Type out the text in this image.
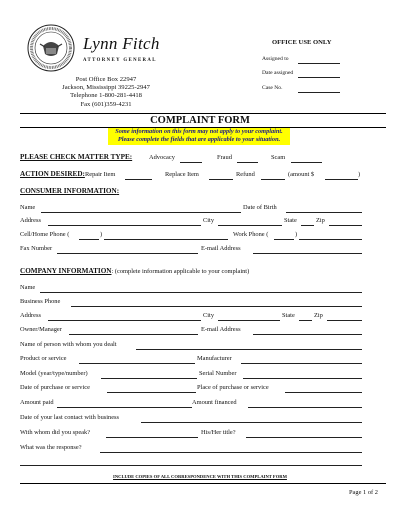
Lynn Fitch
ATTORNEY GENERAL
Post Office Box 22947
Jackson, Mississippi 39225-2947
Telephone 1-800-281-4418
Fax (601)359-4231
OFFICE USE ONLY
Assigned to
Date assigned
Case No.
COMPLAINT FORM
Some information on this form may not apply to your complaint.
Please complete the fields that are applicable to your situation.
PLEASE CHECK MATTER TYPE:	Advocacy	Fraud	Scam
ACTION DESIRED: Repair Item	Replace Item	Refund	(amount $	)
CONSUMER INFORMATION:
Name	Date of Birth
Address	City	State	Zip
Cell/Home Phone (	)	Work Phone (	)
Fax Number	E-mail Address
COMPANY INFORMATION: (complete information applicable to your complaint)
Name
Business Phone
Address	City	State	Zip
Owner/Manager	E-mail Address
Name of person with whom you dealt
Product or service	Manufacturer
Model (year/type/number)	Serial Number
Date of purchase or service	Place of purchase or service
Amount paid	Amount financed
Date of your last contact with business
With whom did you speak?	His/Her title?
What was the response?
INCLUDE COPIES OF ALL CORRESPONDENCE WITH THIS COMPLAINT FORM
Page 1 of 2
